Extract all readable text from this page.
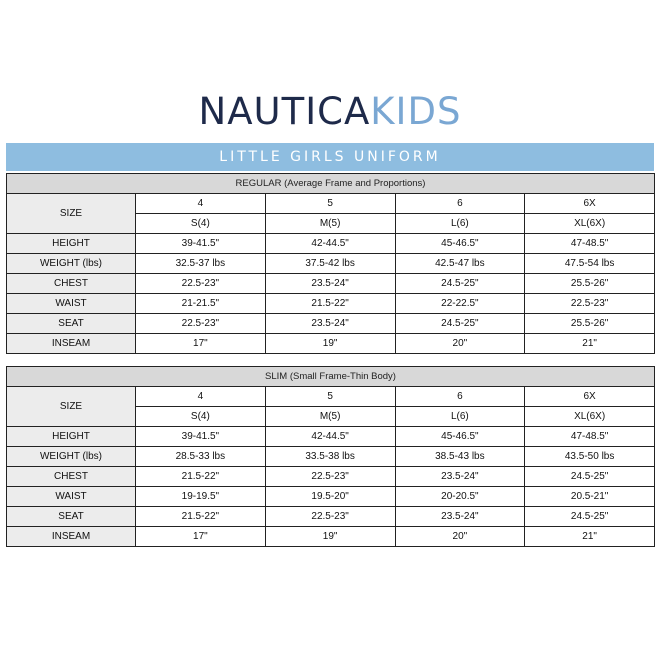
NAUTICAKIDS
LITTLE GIRLS UNIFORM
REGULAR (Average Frame and Proportions)				
SIZE	4	5	6	6X
	S(4)	M(5)	L(6)	XL(6X)
HEIGHT	39-41.5"	42-44.5"	45-46.5"	47-48.5"
WEIGHT (lbs)	32.5-37 lbs	37.5-42 lbs	42.5-47 lbs	47.5-54 lbs
CHEST	22.5-23"	23.5-24"	24.5-25"	25.5-26"
WAIST	21-21.5"	21.5-22"	22-22.5"	22.5-23"
SEAT	22.5-23"	23.5-24"	24.5-25"	25.5-26"
INSEAM	17"	19"	20"	21"
SLIM (Small Frame-Thin Body)				
SIZE	4	5	6	6X
	S(4)	M(5)	L(6)	XL(6X)
HEIGHT	39-41.5"	42-44.5"	45-46.5"	47-48.5"
WEIGHT (lbs)	28.5-33 lbs	33.5-38 lbs	38.5-43 lbs	43.5-50 lbs
CHEST	21.5-22"	22.5-23"	23.5-24"	24.5-25"
WAIST	19-19.5"	19.5-20"	20-20.5"	20.5-21"
SEAT	21.5-22"	22.5-23"	23.5-24"	24.5-25"
INSEAM	17"	19"	20"	21"
